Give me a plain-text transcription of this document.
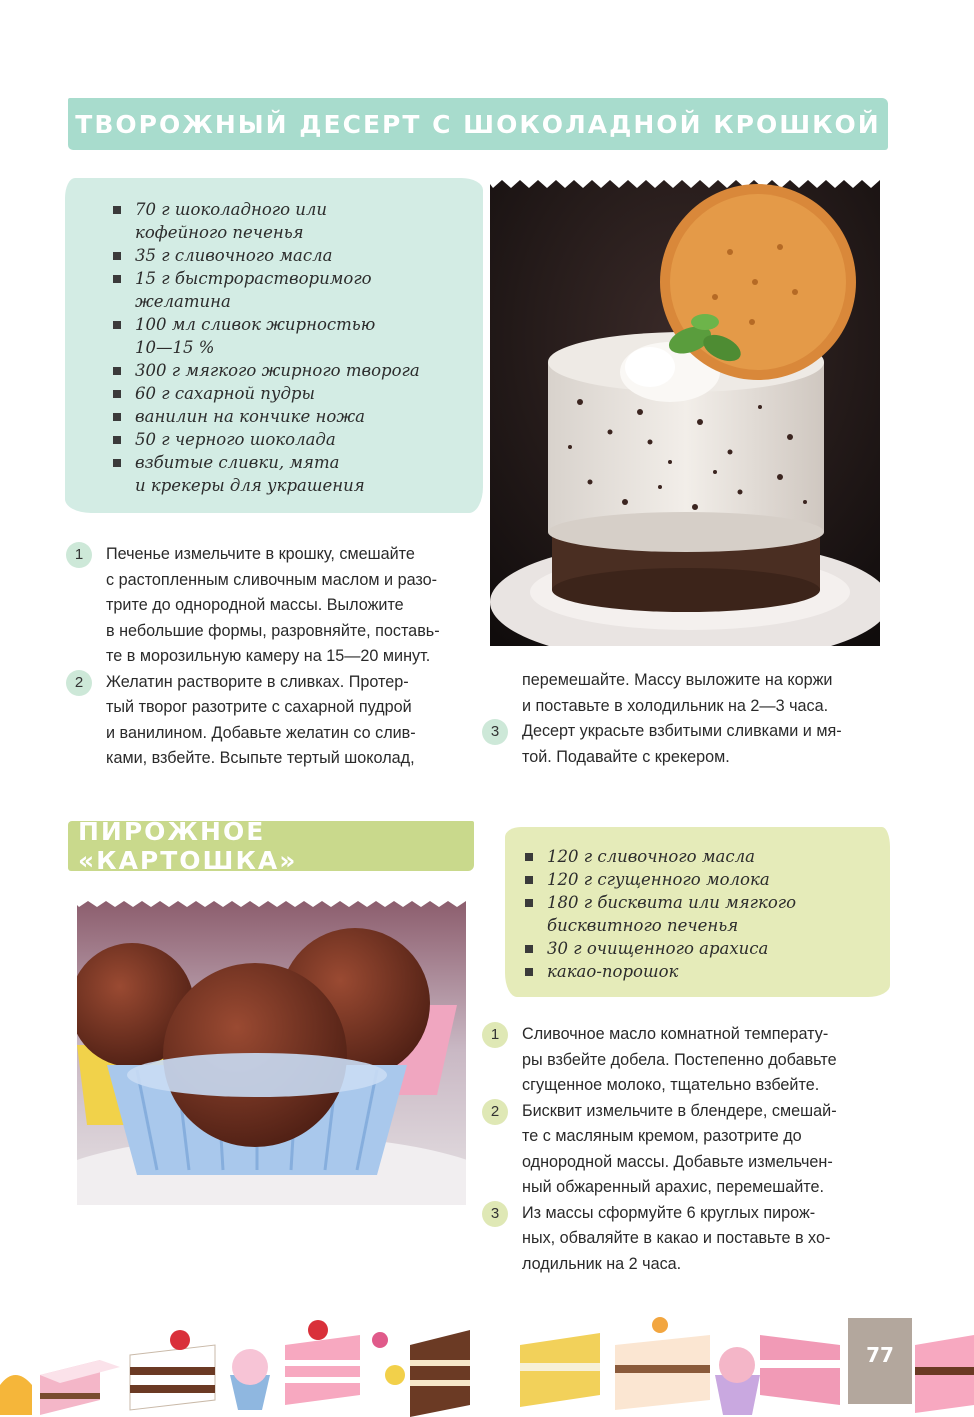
ТВОРОЖНЫЙ ДЕСЕРТ С ШОКОЛАДНОЙ КРОШКОЙ
70 г шоколадного или
кофейного печенья
35 г сливочного масла
15 г быстрорастворимого
желатина
100 мл сливок жирностью
10—15 %
300 г мягкого жирного творога
60 г сахарной пудры
ванилин на кончике ножа
50 г черного шоколада
взбитые сливки, мята
и крекеры для украшения
1	Печенье измельчите в крошку, смешайте
с растопленным сливочным маслом и разо-
трите до однородной массы. Выложите
в небольшие формы, разровняйте, поставь-
те в морозильную камеру на 15—20 минут.
2	Желатин растворите в сливках. Протер-
тый творог разотрите с сахарной пудрой
и ванилином. Добавьте желатин со слив-
ками, взбейте. Всыпьте тертый шоколад,
перемешайте. Массу выложите на коржи
и поставьте в холодильник на 2—3 часа.
3	Десерт украсьте взбитыми сливками и мя-
той. Подавайте с крекером.
ПИРОЖНОЕ «КАРТОШКА»	120 г сливочного масла
120 г сгущенного молока
180 г бисквита или мягкого
бисквитного печенья
30 г очищенного арахиса
какао-порошок
1	Сливочное масло комнатной температу-
ры взбейте добела. Постепенно добавьте
сгущенное молоко, тщательно взбейте.
2	Бисквит измельчите в блендере, смешай-
те с масляным кремом, разотрите до
однородной массы. Добавьте измельчен-
ный обжаренный арахис, перемешайте.
3	Из массы сформуйте 6 круглых пирож-
ных, обваляйте в какао и поставьте в хо-
лодильник на 2 часа.
77
